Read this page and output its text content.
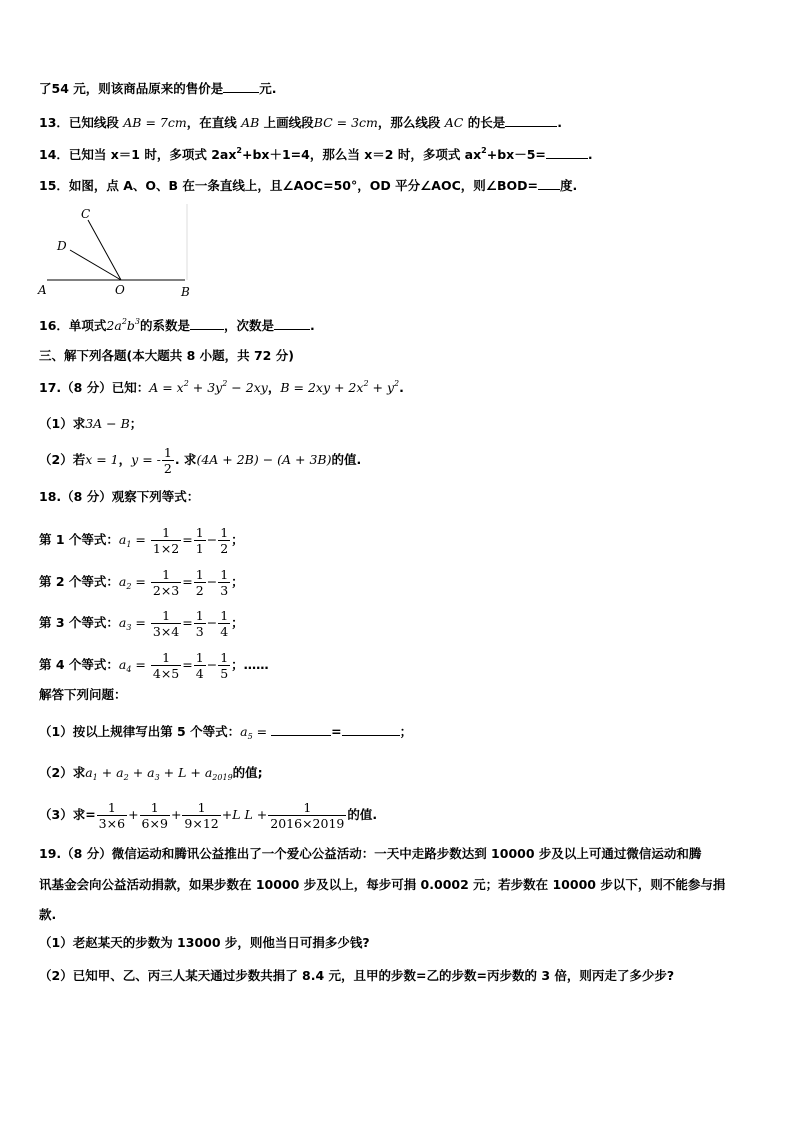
了54 元，则该商品原来的售价是	元.
13．已知线段 AB = 7cm，在直线 AB 上画线段BC = 3cm，那么线段 AC 的长是	.
14．已知当 x＝1 时，多项式 $2ax^2+bx+1=4$，那么当 x＝2 时，多项式 $ax^2+bx-5=$	.
15．如图，点 A、O、B 在一条直线上，且∠AOC=50°，OD 平分∠AOC，则∠BOD= 度.
C
D
A	O	B
16．单项式$2a^2b^3$的系数是	，次数是	.
三、解下列各题(本大题共 8 小题，共 72 分)
17.（8 分）已知：$A = x^2 + 3y^2 - 2xy$，$B = 2xy + 2x^2 + y^2$.
（1）求3A − B；
（2）若x = 1，y = - $\frac{1}{2}$ . 求(4A + 2B) − (A + 3B)的值.
18.（8 分）观察下列等式：
第 1 个等式：$a_1 = \frac{1}{1\times 2} = \frac{1}{1} - \frac{1}{2}$ ；
第 2 个等式：$a_2 = \frac{1}{2\times 3} = \frac{1}{2} - \frac{1}{3}$ ；
第 3 个等式：$a_3 = \frac{1}{3\times 4} = \frac{1}{3} - \frac{1}{4}$ ；
第 4 个等式：$a_4 = \frac{1}{4\times 5} = \frac{1}{4} - \frac{1}{5}$ ；……
解答下列问题：
（1）按以上规律写出第 5 个等式：$a_5$ =	=	；
（2）求$a_1 + a_2 + a_3 + L + a_{2019}$的值;
（3）求= $\frac{1}{3\times 6} + \frac{1}{6\times 9} + \frac{1}{9\times 12} +L$ $L + \frac{1}{2016\times 2019}$ 的值.
19.（8 分）微信运动和腾讯公益推出了一个爱心公益活动：一天中走路步数达到 10000 步及以上可通过微信运动和腾
讯基金会向公益活动捐款，如果步数在 10000 步及以上，每步可捐 0.0002 元；若步数在 10000 步以下，则不能参与捐
款.
（1）老赵某天的步数为 13000 步，则他当日可捐多少钱?
（2）已知甲、乙、丙三人某天通过步数共捐了 8.4 元，且甲的步数=乙的步数=丙步数的 3 倍，则丙走了多少步?
